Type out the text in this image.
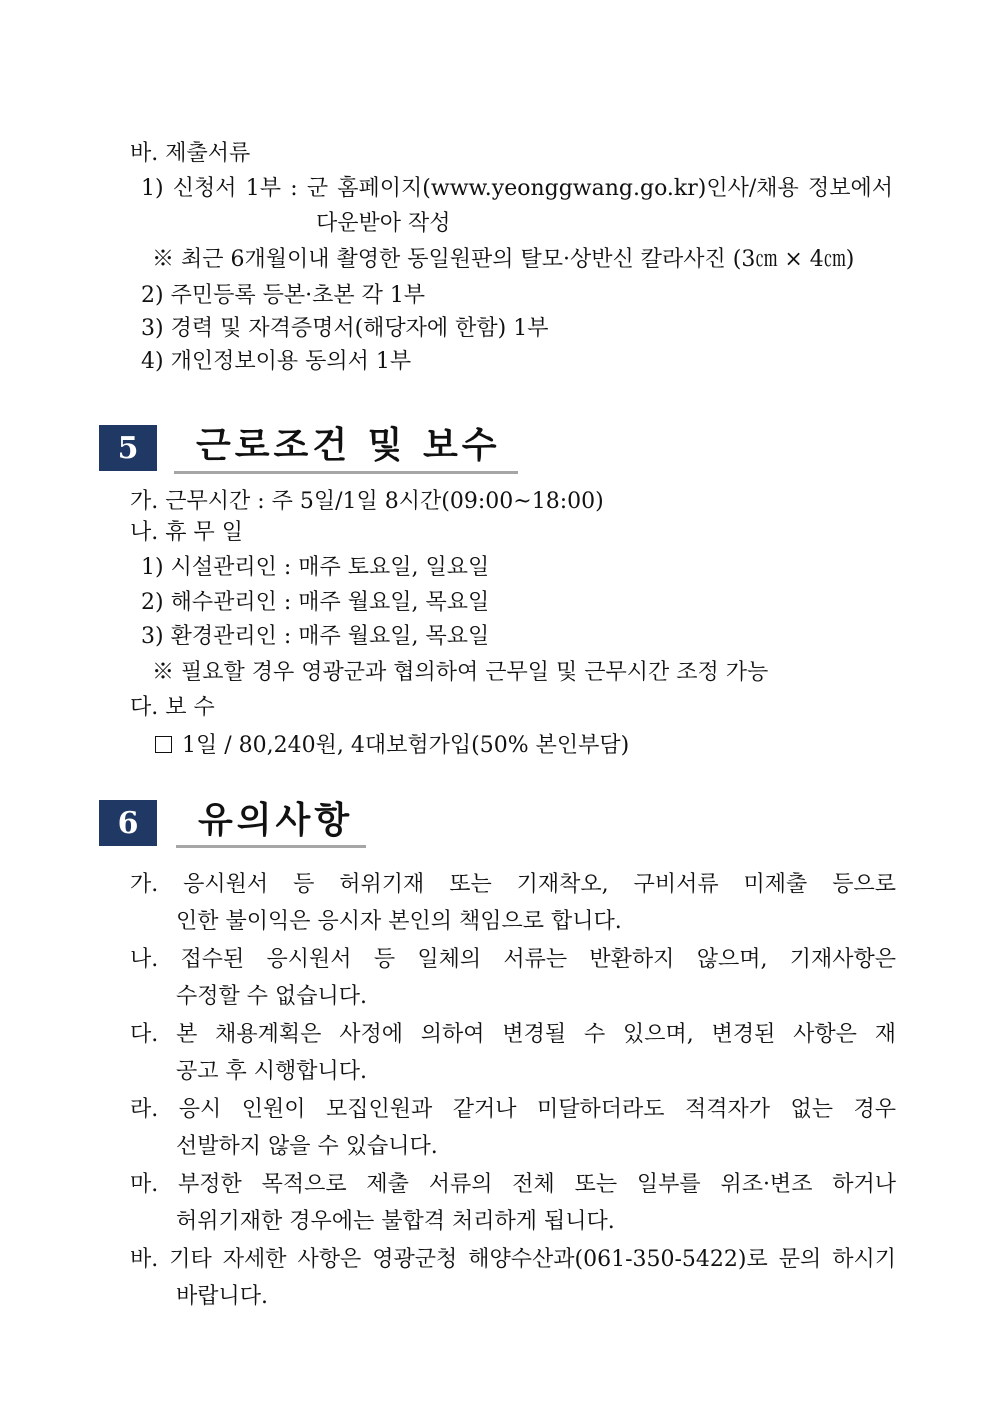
바. 제출서류
1) 신청서 1부 : 군 홈페이지(www.yeonggwang.go.kr)인사/채용 정보에서
다운받아 작성
※ 최근 6개월이내 촬영한 동일원판의 탈모·상반신 칼라사진 (3㎝ × 4㎝)
2) 주민등록 등본·초본 각 1부
3) 경력 및 자격증명서(해당자에 한함) 1부
4) 개인정보이용 동의서 1부
5	근로조건 및 보수
가. 근무시간 : 주 5일/1일 8시간(09:00~18:00)
나. 휴 무 일
1) 시설관리인 : 매주 토요일, 일요일
2) 해수관리인 : 매주 월요일, 목요일
3) 환경관리인 : 매주 월요일, 목요일
※ 필요할 경우 영광군과 협의하여 근무일 및 근무시간 조정 가능
다. 보 수
1일 / 80,240원, 4대보험가입(50% 본인부담)
6	유의사항
가. 응시원서 등 허위기재 또는 기재착오, 구비서류 미제출 등으로
인한 불이익은 응시자 본인의 책임으로 합니다.
나. 접수된 응시원서 등 일체의 서류는 반환하지 않으며, 기재사항은
수정할 수 없습니다.
다. 본 채용계획은 사정에 의하여 변경될 수 있으며, 변경된 사항은 재
공고 후 시행합니다.
라. 응시 인원이 모집인원과 같거나 미달하더라도 적격자가 없는 경우
선발하지 않을 수 있습니다.
마. 부정한 목적으로 제출 서류의 전체 또는 일부를 위조·변조 하거나
허위기재한 경우에는 불합격 처리하게 됩니다.
바. 기타 자세한 사항은 영광군청 해양수산과(061-350-5422)로 문의 하시기
바랍니다.
